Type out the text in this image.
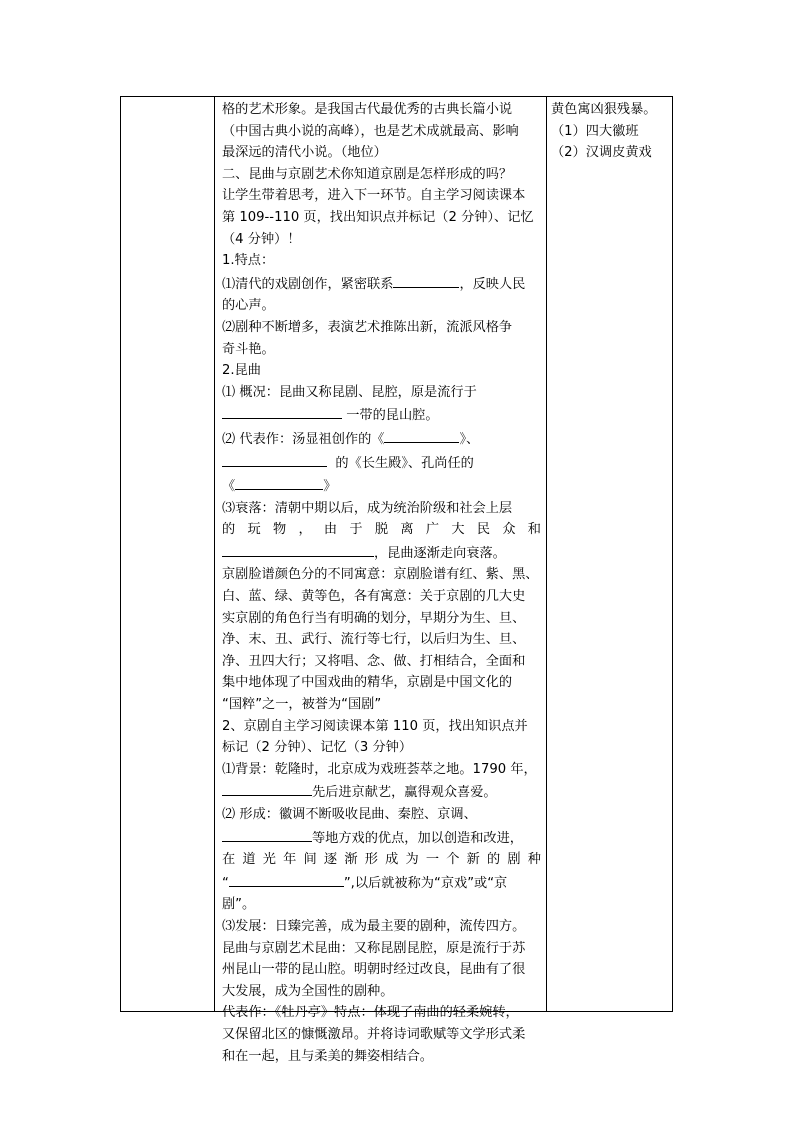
格的艺术形象。是我国古代最优秀的古典长篇小说

（中国古典小说的高峰），也是艺术成就最高、影响

最深远的清代小说。（地位）

二、昆曲与京剧艺术你知道京剧是怎样形成的吗？

让学生带着思考，进入下一环节。自主学习阅读课本

第 109--110 页，找出知识点并标记（2 分钟）、记忆

（4 分钟）！

1.特点：

⑴清代的戏剧创作，紧密联系	，反映人民

的心声。

⑵剧种不断增多，表演艺术推陈出新，流派风格争

奇斗艳。

2.昆曲

⑴ 概况：昆曲又称昆剧、昆腔，原是流行于

一带的昆山腔。

⑵ 代表作：汤显祖创作的《	》、

的《长生殿》、孔尚任的

《	》

⑶衰落：清朝中期以后，成为统治阶级和社会上层

的玩物，由于脱离广大民众和

，昆曲逐渐走向衰落。

京剧脸谱颜色分的不同寓意：京剧脸谱有红、紫、黑、

白、蓝、绿、黄等色，各有寓意：关于京剧的几大史

实京剧的角色行当有明确的划分，早期分为生、旦、

净、末、丑、武行、流行等七行，以后归为生、旦、

净、丑四大行；又将唱、念、做、打相结合，全面和

集中地体现了中国戏曲的精华，京剧是中国文化的

“国粹”之一，被誉为“国剧”

2、京剧自主学习阅读课本第 110 页，找出知识点并

标记（2 分钟）、记忆（3 分钟）

⑴背景：乾隆时，北京成为戏班荟萃之地。1790 年，

先后进京献艺，赢得观众喜爱。

⑵ 形成：徽调不断吸收昆曲、秦腔、京调、

等地方戏的优点，加以创造和改进，

在道光年间逐渐形成为一个新的剧种

“	”,以后就被称为“京戏”或“京

剧”。

⑶发展：日臻完善，成为最主要的剧种，流传四方。

昆曲与京剧艺术昆曲：又称昆剧昆腔，原是流行于苏

州昆山一带的昆山腔。明朝时经过改良，昆曲有了很

大发展，成为全国性的剧种。

代表作：《牡丹亭》特点：体现了南曲的轻柔婉转，

又保留北区的慷慨激昂。并将诗词歌赋等文学形式柔

和在一起，且与柔美的舞姿相结合。

黄色寓凶狠残暴。

（1）四大徽班

（2）汉调皮黄戏
